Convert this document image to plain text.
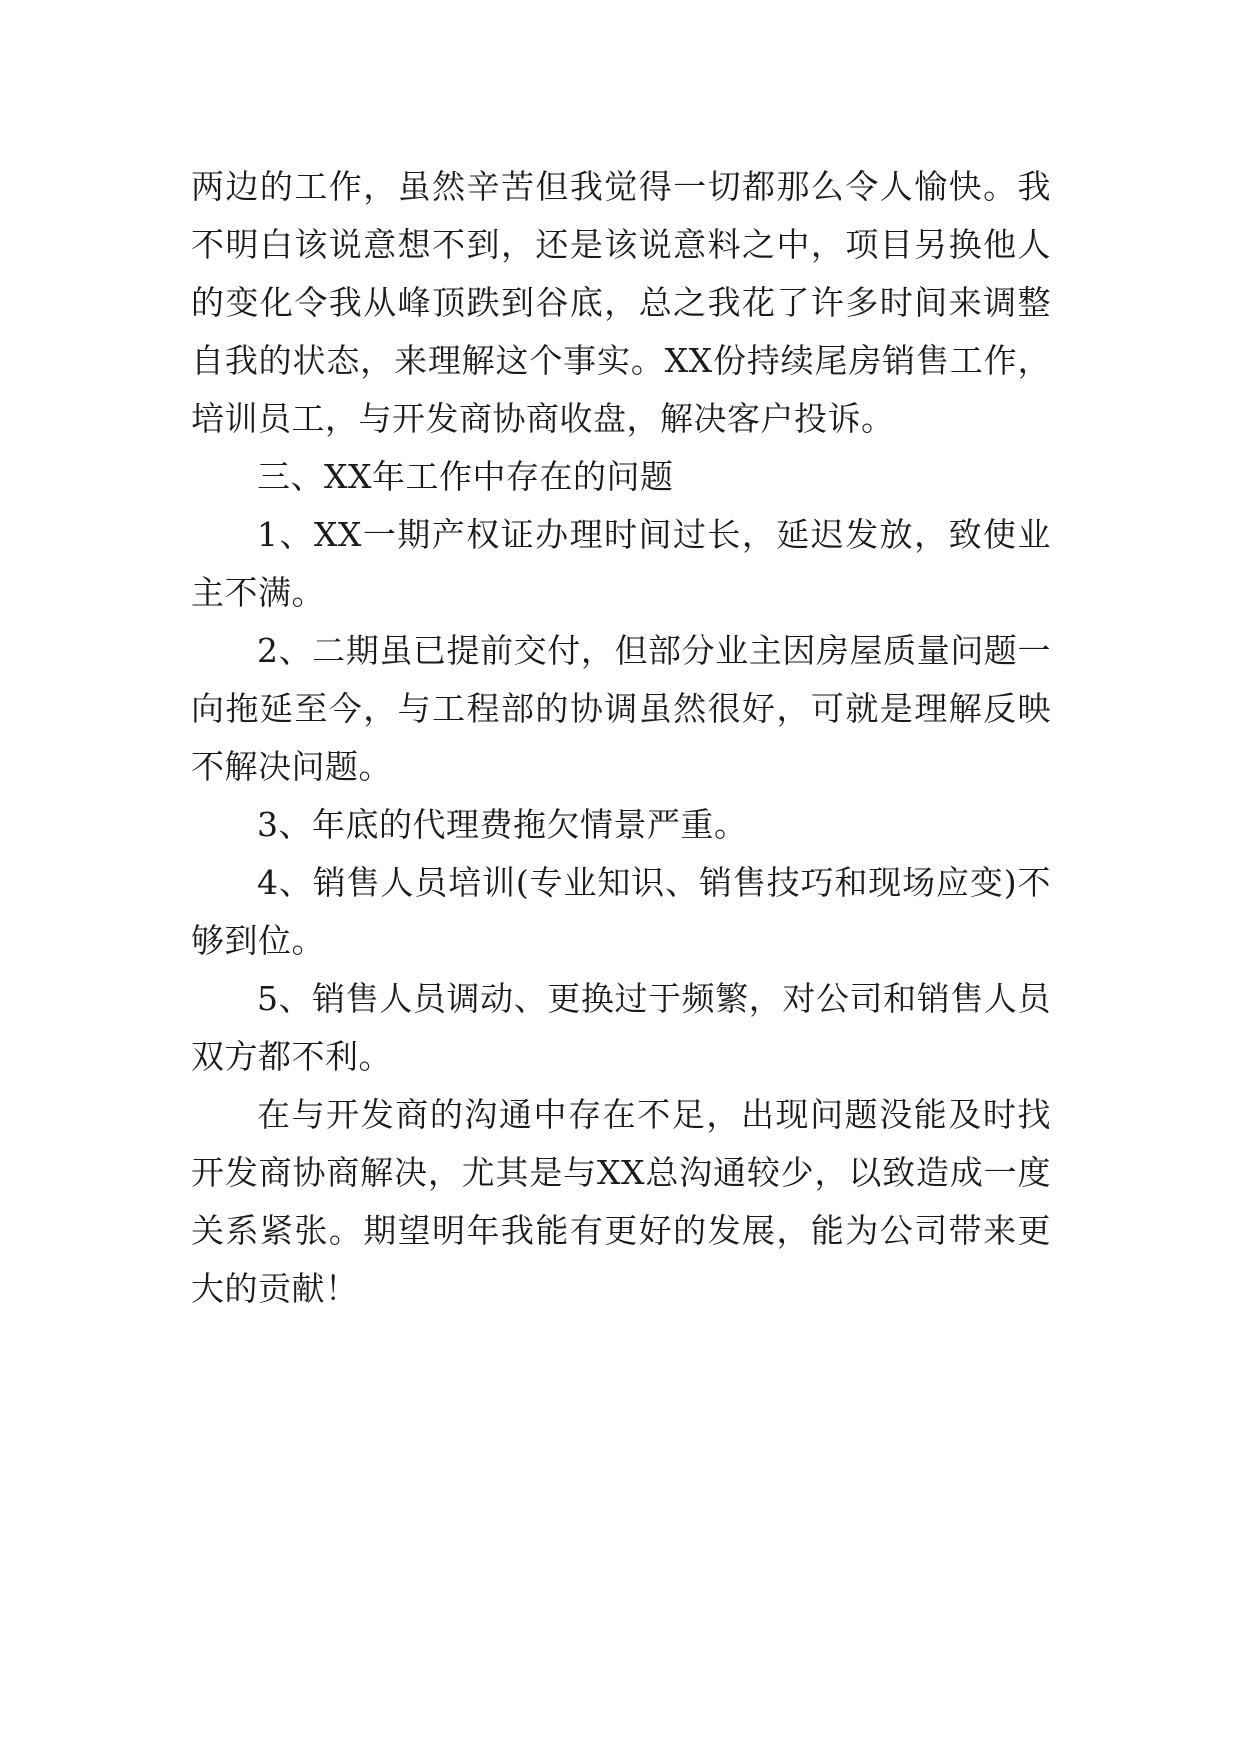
两边的工作，虽然辛苦但我觉得一切都那么令人愉快。我不明白该说意想不到，还是该说意料之中，项目另换他人的变化令我从峰顶跌到谷底，总之我花了许多时间来调整自我的状态，来理解这个事实。XX份持续尾房销售工作，培训员工，与开发商协商收盘，解决客户投诉。

三、XX年工作中存在的问题

1、XX一期产权证办理时间过长，延迟发放，致使业主不满。

2、二期虽已提前交付，但部分业主因房屋质量问题一向拖延至今，与工程部的协调虽然很好，可就是理解反映不解决问题。

3、年底的代理费拖欠情景严重。

4、销售人员培训(专业知识、销售技巧和现场应变)不够到位。

5、销售人员调动、更换过于频繁，对公司和销售人员双方都不利。

在与开发商的沟通中存在不足，出现问题没能及时找开发商协商解决，尤其是与XX总沟通较少，以致造成一度关系紧张。期望明年我能有更好的发展，能为公司带来更大的贡献！
